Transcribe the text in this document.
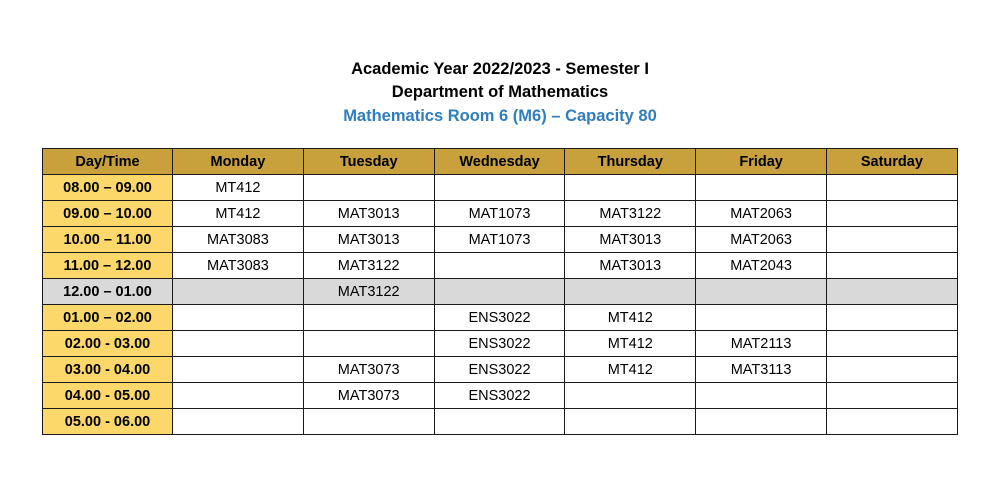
Academic Year 2022/2023 - Semester I
Department of Mathematics
Mathematics Room 6 (M6) – Capacity 80
Day/Time	Monday	Tuesday	Wednesday	Thursday	Friday	Saturday
08.00 – 09.00	MT412					
09.00 – 10.00	MT412	MAT3013	MAT1073	MAT3122	MAT2063	
10.00 – 11.00	MAT3083	MAT3013	MAT1073	MAT3013	MAT2063	
11.00 – 12.00	MAT3083	MAT3122		MAT3013	MAT2043	
12.00 – 01.00		MAT3122				
01.00 – 02.00			ENS3022	MT412		
02.00 - 03.00			ENS3022	MT412	MAT2113	
03.00 - 04.00		MAT3073	ENS3022	MT412	MAT3113	
04.00 - 05.00		MAT3073	ENS3022			
05.00 - 06.00						
